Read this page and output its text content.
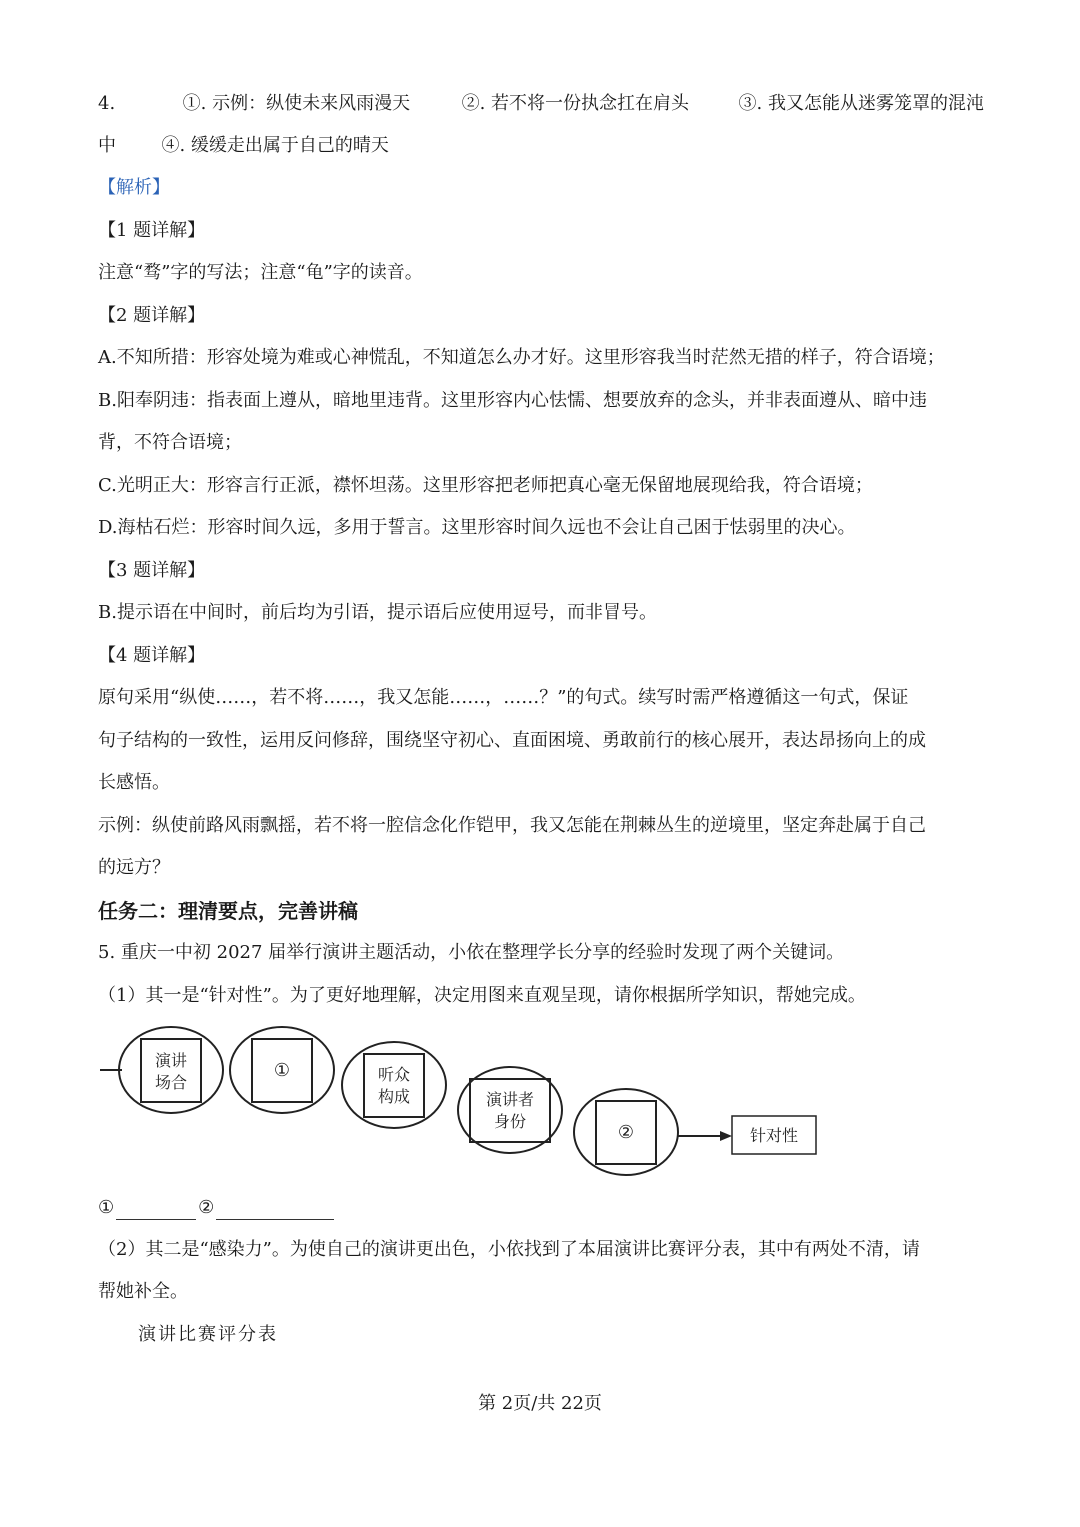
4.	①. 示例：纵使未来风雨漫天	②. 若不将一份执念扛在肩头	③. 我又怎能从迷雾笼罩的混沌
中	④. 缓缓走出属于自己的晴天
【解析】
【1 题详解】
注意“骛”字的写法；注意“龟”字的读音。
【2 题详解】
A.不知所措：形容处境为难或心神慌乱，不知道怎么办才好。这里形容我当时茫然无措的样子，符合语境；
B.阳奉阴违：指表面上遵从，暗地里违背。这里形容内心怯懦、想要放弃的念头，并非表面遵从、暗中违
背，不符合语境；
C.光明正大：形容言行正派，襟怀坦荡。这里形容把老师把真心毫无保留地展现给我，符合语境；
D.海枯石烂：形容时间久远，多用于誓言。这里形容时间久远也不会让自己困于怯弱里的决心。
【3 题详解】
B.提示语在中间时，前后均为引语，提示语后应使用逗号，而非冒号。
【4 题详解】
原句采用“纵使……，若不将……，我又怎能……，……？”的句式。续写时需严格遵循这一句式，保证
句子结构的一致性，运用反问修辞，围绕坚守初心、直面困境、勇敢前行的核心展开，表达昂扬向上的成
长感悟。
示例：纵使前路风雨飘摇，若不将一腔信念化作铠甲，我又怎能在荆棘丛生的逆境里，坚定奔赴属于自己
的远方？
任务二：理清要点，完善讲稿
5. 重庆一中初 2027 届举行演讲主题活动，小依在整理学长分享的经验时发现了两个关键词。
（1）其一是“针对性”。为了更好地理解，决定用图来直观呈现，请你根据所学知识，帮她完成。
演讲
场合
①	听众
构成	演讲者
身份
②	针对性
①	②
（2）其二是“感染力”。为使自己的演讲更出色，小依找到了本届演讲比赛评分表，其中有两处不清，请
帮她补全。
演讲比赛评分表
第 2页/共 22页
